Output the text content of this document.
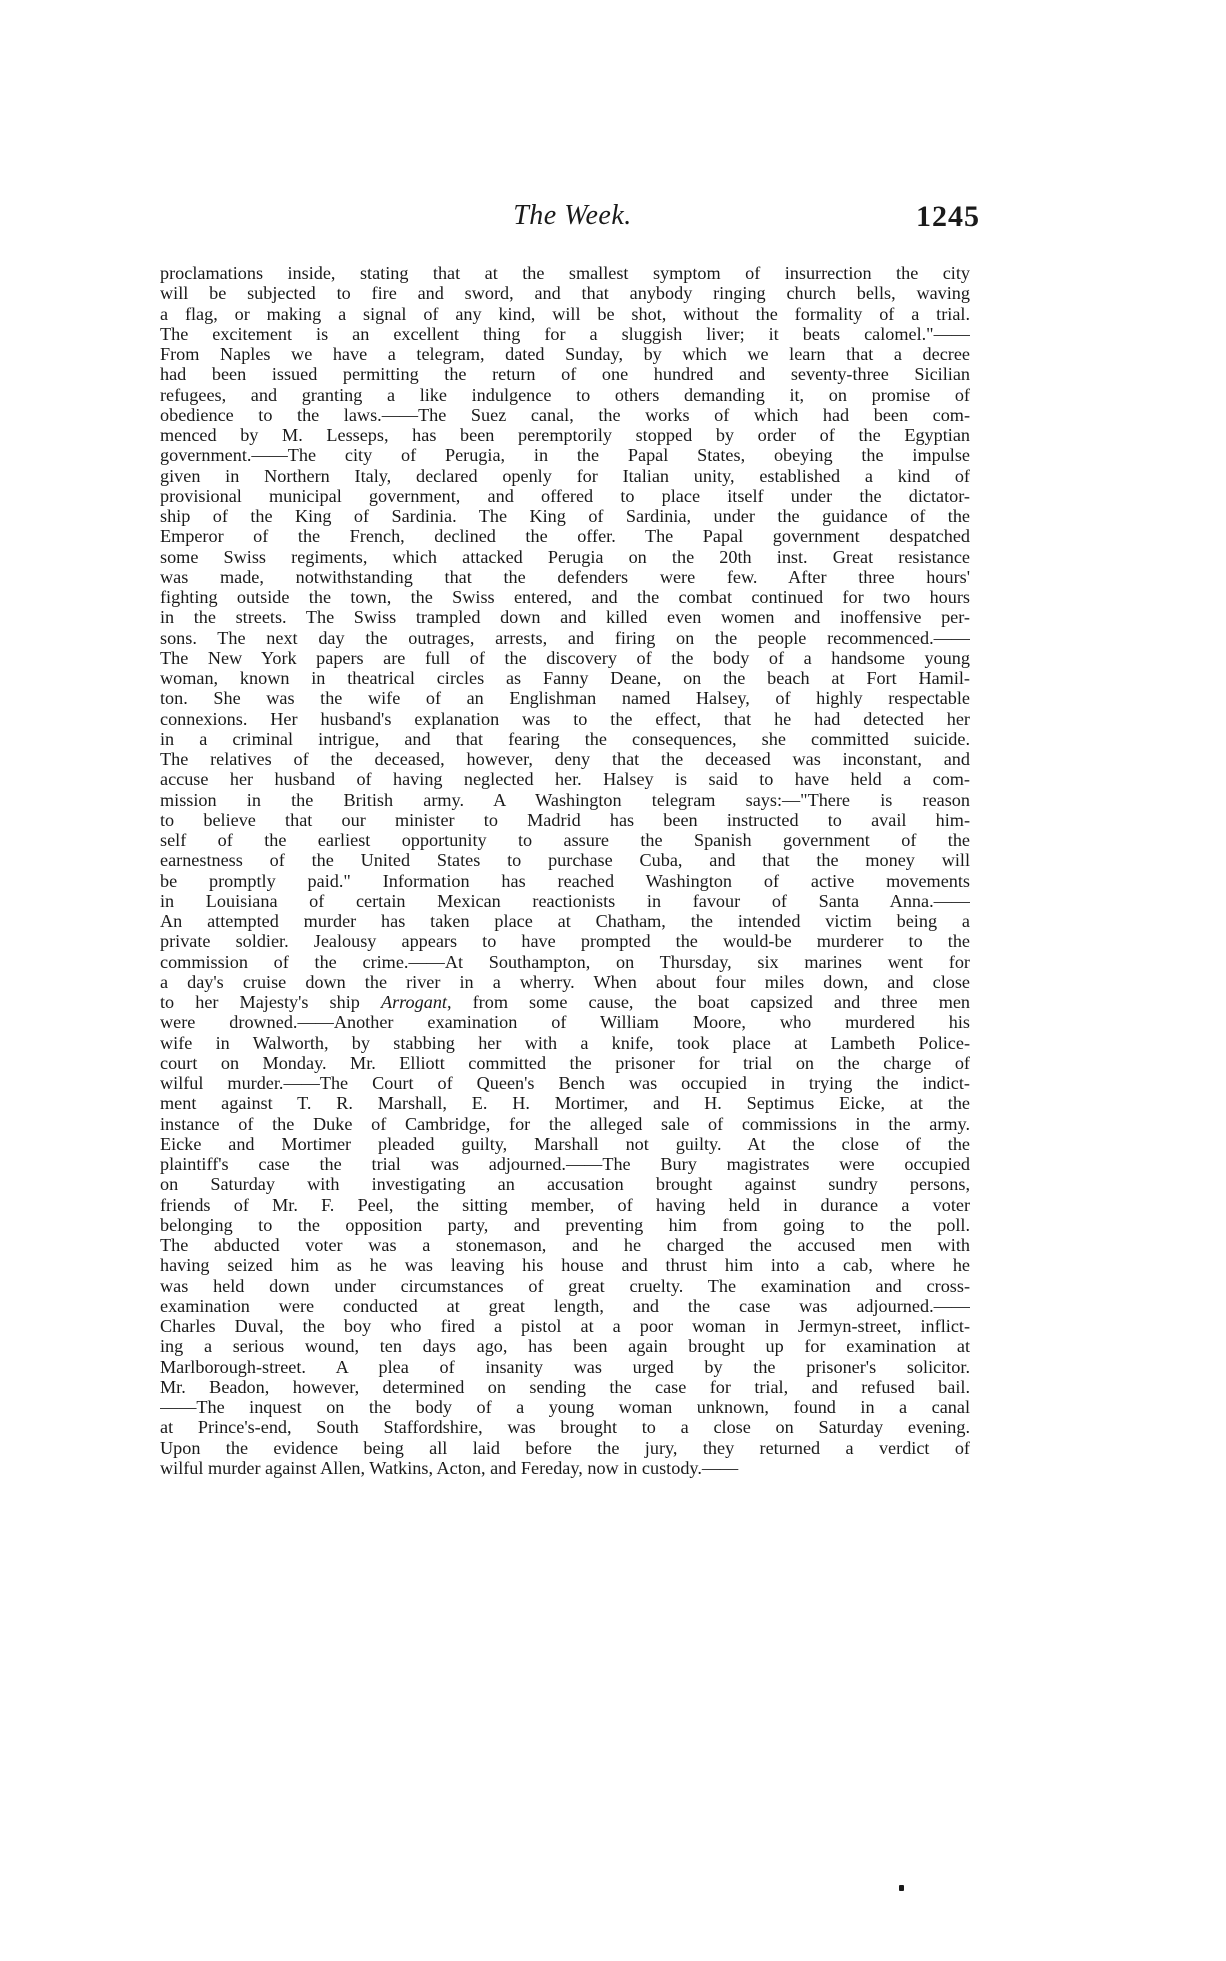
The Week.	1245
proclamations inside, stating that at the smallest symptom of insurrection the city
will be subjected to fire and sword, and that anybody ringing church bells, waving
a flag, or making a signal of any kind, will be shot, without the formality of a trial.
The excitement is an excellent thing for a sluggish liver; it beats calomel."——
From Naples we have a telegram, dated Sunday, by which we learn that a decree
had been issued permitting the return of one hundred and seventy-three Sicilian
refugees, and granting a like indulgence to others demanding it, on promise of
obedience to the laws.——The Suez canal, the works of which had been com-
menced by M. Lesseps, has been peremptorily stopped by order of the Egyptian
government.——The city of Perugia, in the Papal States, obeying the impulse
given in Northern Italy, declared openly for Italian unity, established a kind of
provisional municipal government, and offered to place itself under the dictator-
ship of the King of Sardinia. The King of Sardinia, under the guidance of the
Emperor of the French, declined the offer. The Papal government despatched
some Swiss regiments, which attacked Perugia on the 20th inst. Great resistance
was made, notwithstanding that the defenders were few. After three hours'
fighting outside the town, the Swiss entered, and the combat continued for two hours
in the streets. The Swiss trampled down and killed even women and inoffensive per-
sons. The next day the outrages, arrests, and firing on the people recommenced.——
The New York papers are full of the discovery of the body of a handsome young
woman, known in theatrical circles as Fanny Deane, on the beach at Fort Hamil-
ton. She was the wife of an Englishman named Halsey, of highly respectable
connexions. Her husband's explanation was to the effect, that he had detected her
in a criminal intrigue, and that fearing the consequences, she committed suicide.
The relatives of the deceased, however, deny that the deceased was inconstant, and
accuse her husband of having neglected her. Halsey is said to have held a com-
mission in the British army. A Washington telegram says:—"There is reason
to believe that our minister to Madrid has been instructed to avail him-
self of the earliest opportunity to assure the Spanish government of the
earnestness of the United States to purchase Cuba, and that the money will
be promptly paid." Information has reached Washington of active movements
in Louisiana of certain Mexican reactionists in favour of Santa Anna.——
An attempted murder has taken place at Chatham, the intended victim being a
private soldier. Jealousy appears to have prompted the would-be murderer to the
commission of the crime.——At Southampton, on Thursday, six marines went for
a day's cruise down the river in a wherry. When about four miles down, and close
to her Majesty's ship Arrogant, from some cause, the boat capsized and three men
were drowned.——Another examination of William Moore, who murdered his
wife in Walworth, by stabbing her with a knife, took place at Lambeth Police-
court on Monday. Mr. Elliott committed the prisoner for trial on the charge of
wilful murder.——The Court of Queen's Bench was occupied in trying the indict-
ment against T. R. Marshall, E. H. Mortimer, and H. Septimus Eicke, at the
instance of the Duke of Cambridge, for the alleged sale of commissions in the army.
Eicke and Mortimer pleaded guilty, Marshall not guilty. At the close of the
plaintiff's case the trial was adjourned.——The Bury magistrates were occupied
on Saturday with investigating an accusation brought against sundry persons,
friends of Mr. F. Peel, the sitting member, of having held in durance a voter
belonging to the opposition party, and preventing him from going to the poll.
The abducted voter was a stonemason, and he charged the accused men with
having seized him as he was leaving his house and thrust him into a cab, where he
was held down under circumstances of great cruelty. The examination and cross-
examination were conducted at great length, and the case was adjourned.——
Charles Duval, the boy who fired a pistol at a poor woman in Jermyn-street, inflict-
ing a serious wound, ten days ago, has been again brought up for examination at
Marlborough-street. A plea of insanity was urged by the prisoner's solicitor.
Mr. Beadon, however, determined on sending the case for trial, and refused bail.
——The inquest on the body of a young woman unknown, found in a canal
at Prince's-end, South Staffordshire, was brought to a close on Saturday evening.
Upon the evidence being all laid before the jury, they returned a verdict of
wilful murder against Allen, Watkins, Acton, and Fereday, now in custody.——
